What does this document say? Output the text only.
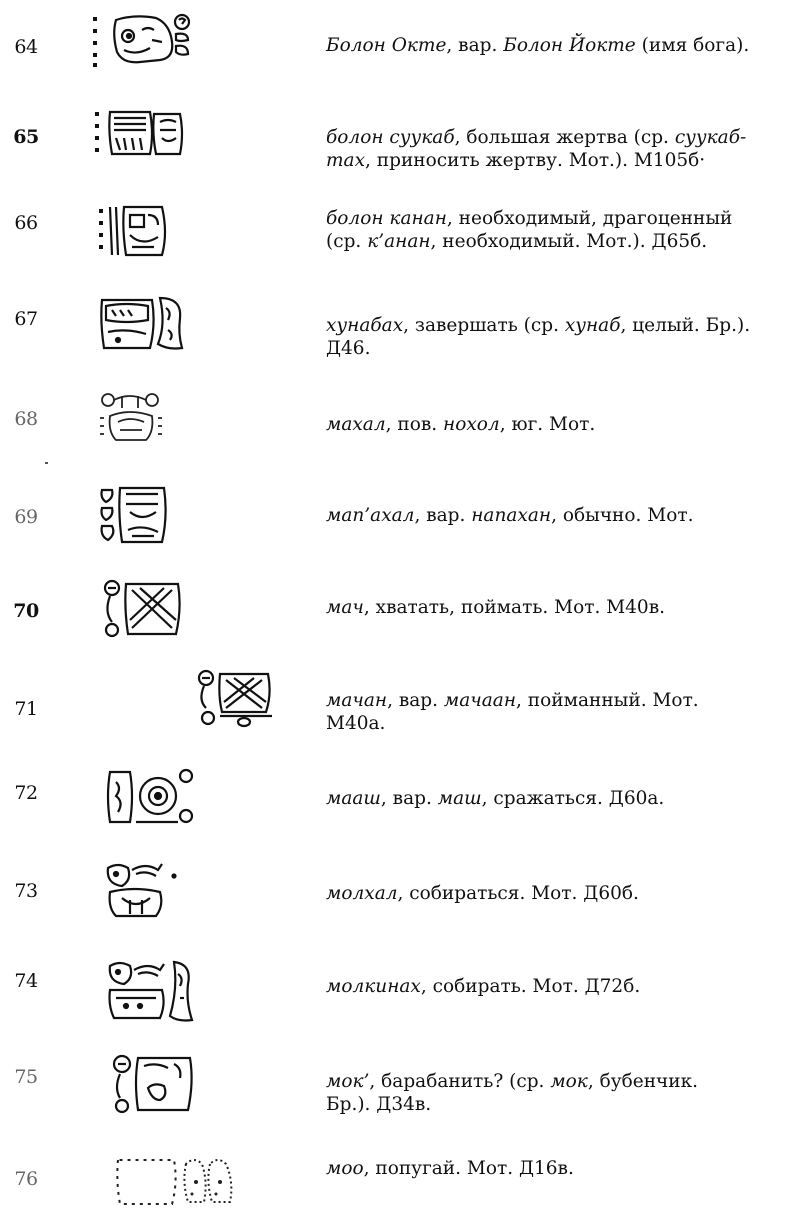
64	Болон Окте, вар. Болон Йокте (имя бога).
65	болон суукаб, большая жертва (ср. суукаб-
тах, приносить жертву. Мот.). М105б·
66	болон канан, необходимый, драгоценный
(ср. к’анан, необходимый. Мот.). Д65б.
67	хунабах, завершать (ср. хунаб, целый. Бр.).
Д46.
68	махал, пов. нохол, юг. Мот.
69	мап’ахал, вар. напахан, обычно. Мот.
70	мач, хватать, поймать. Мот. М40в.
71	мачан, вар. мачаан, пойманный. Мот.
М40а.
72	мааш, вар. маш, сражаться. Д60а.
73	молхал, собираться. Мот. Д60б.
74	молкинах, собирать. Мот. Д72б.
75	мок’, барабанить? (ср. мок, бубенчик.
Бр.). Д34в.
76	моо, попугай. Мот. Д16в.
